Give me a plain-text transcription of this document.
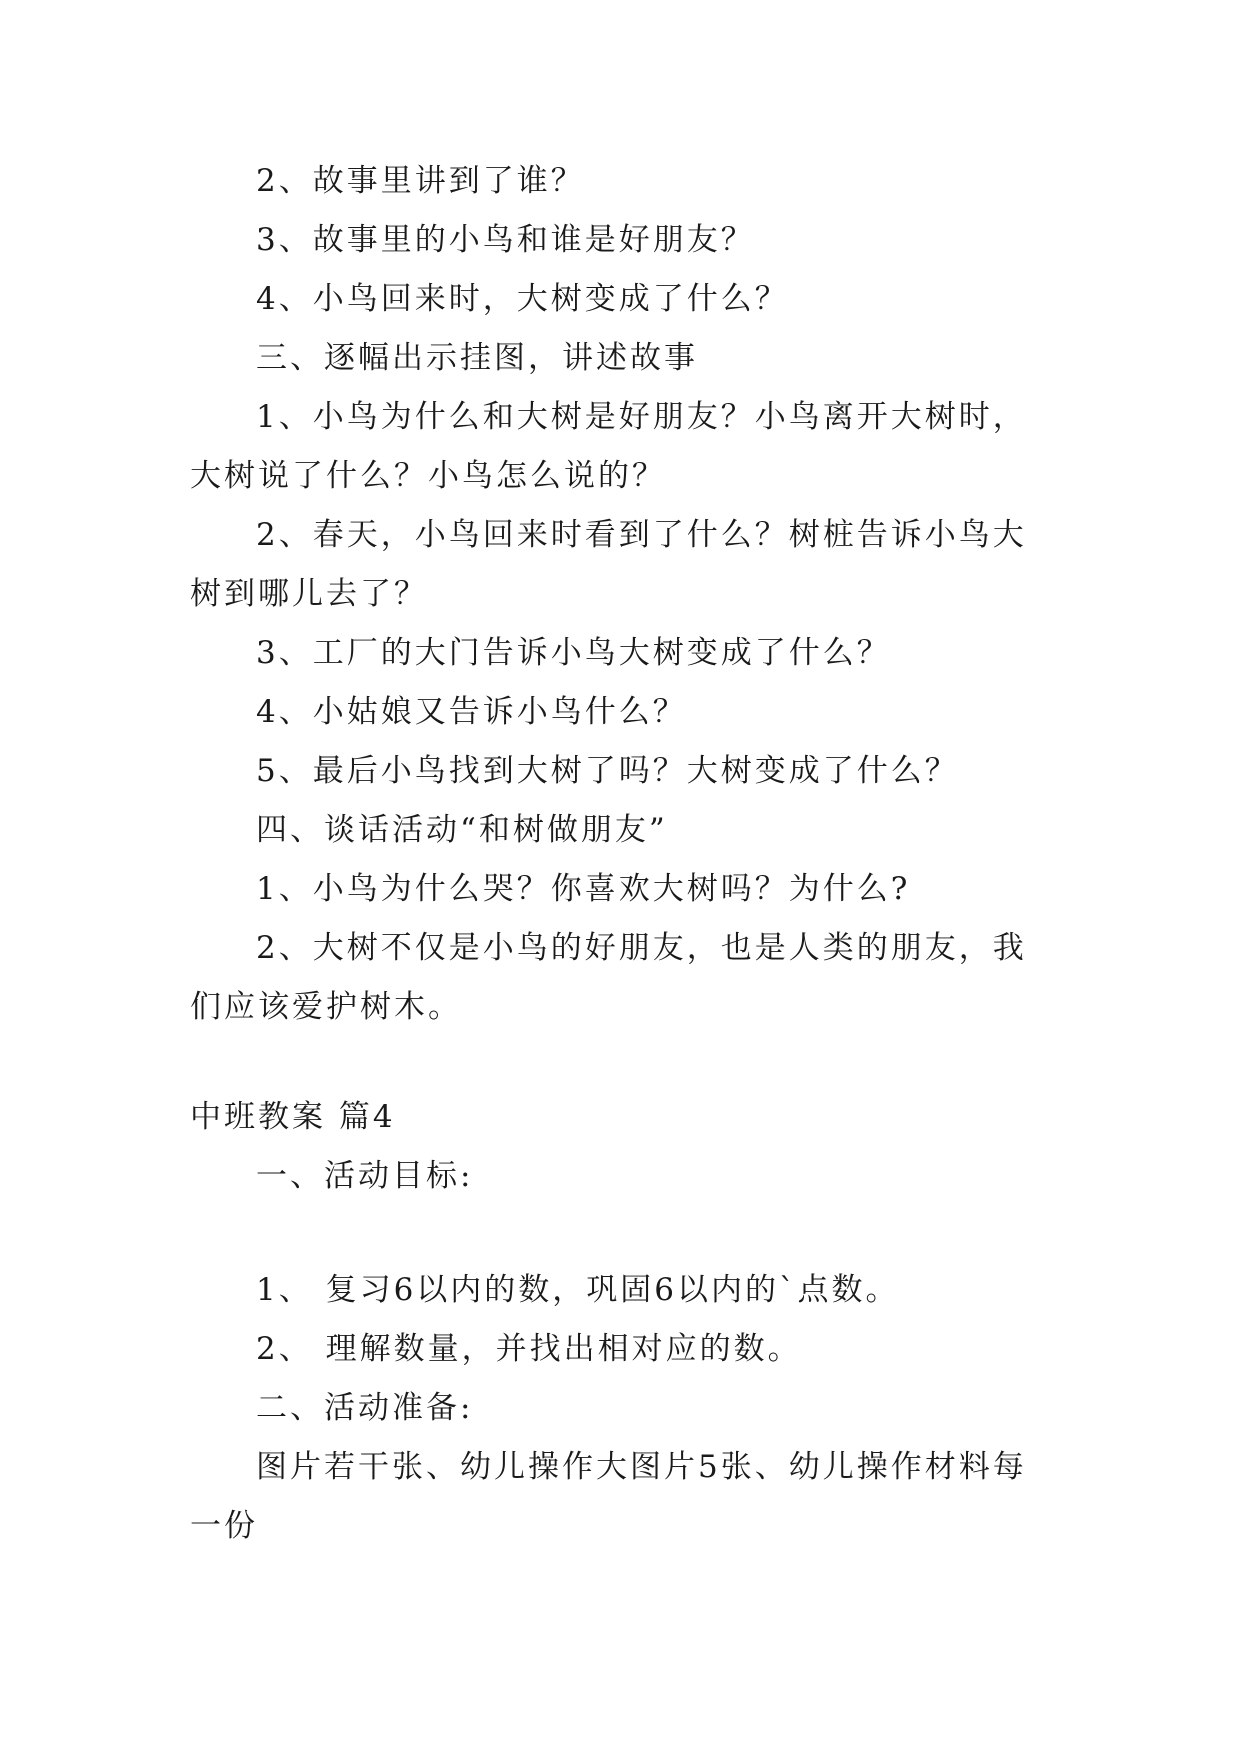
2、故事里讲到了谁？

3、故事里的小鸟和谁是好朋友？

4、小鸟回来时，大树变成了什么？

三、逐幅出示挂图，讲述故事

1、小鸟为什么和大树是好朋友？小鸟离开大树时，大树说了什么？小鸟怎么说的？

2、春天，小鸟回来时看到了什么？树桩告诉小鸟大树到哪儿去了？

3、工厂的大门告诉小鸟大树变成了什么？

4、小姑娘又告诉小鸟什么？

5、最后小鸟找到大树了吗？大树变成了什么？

四、谈话活动“和树做朋友”

1、小鸟为什么哭？你喜欢大树吗？为什么?

2、大树不仅是小鸟的好朋友，也是人类的朋友，我们应该爱护树木。

中班教案 篇4

一、活动目标:

1、 复习6以内的数，巩固6以内的`点数。

2、 理解数量，并找出相对应的数。

二、活动准备:

图片若干张、幼儿操作大图片5张、幼儿操作材料每一份
